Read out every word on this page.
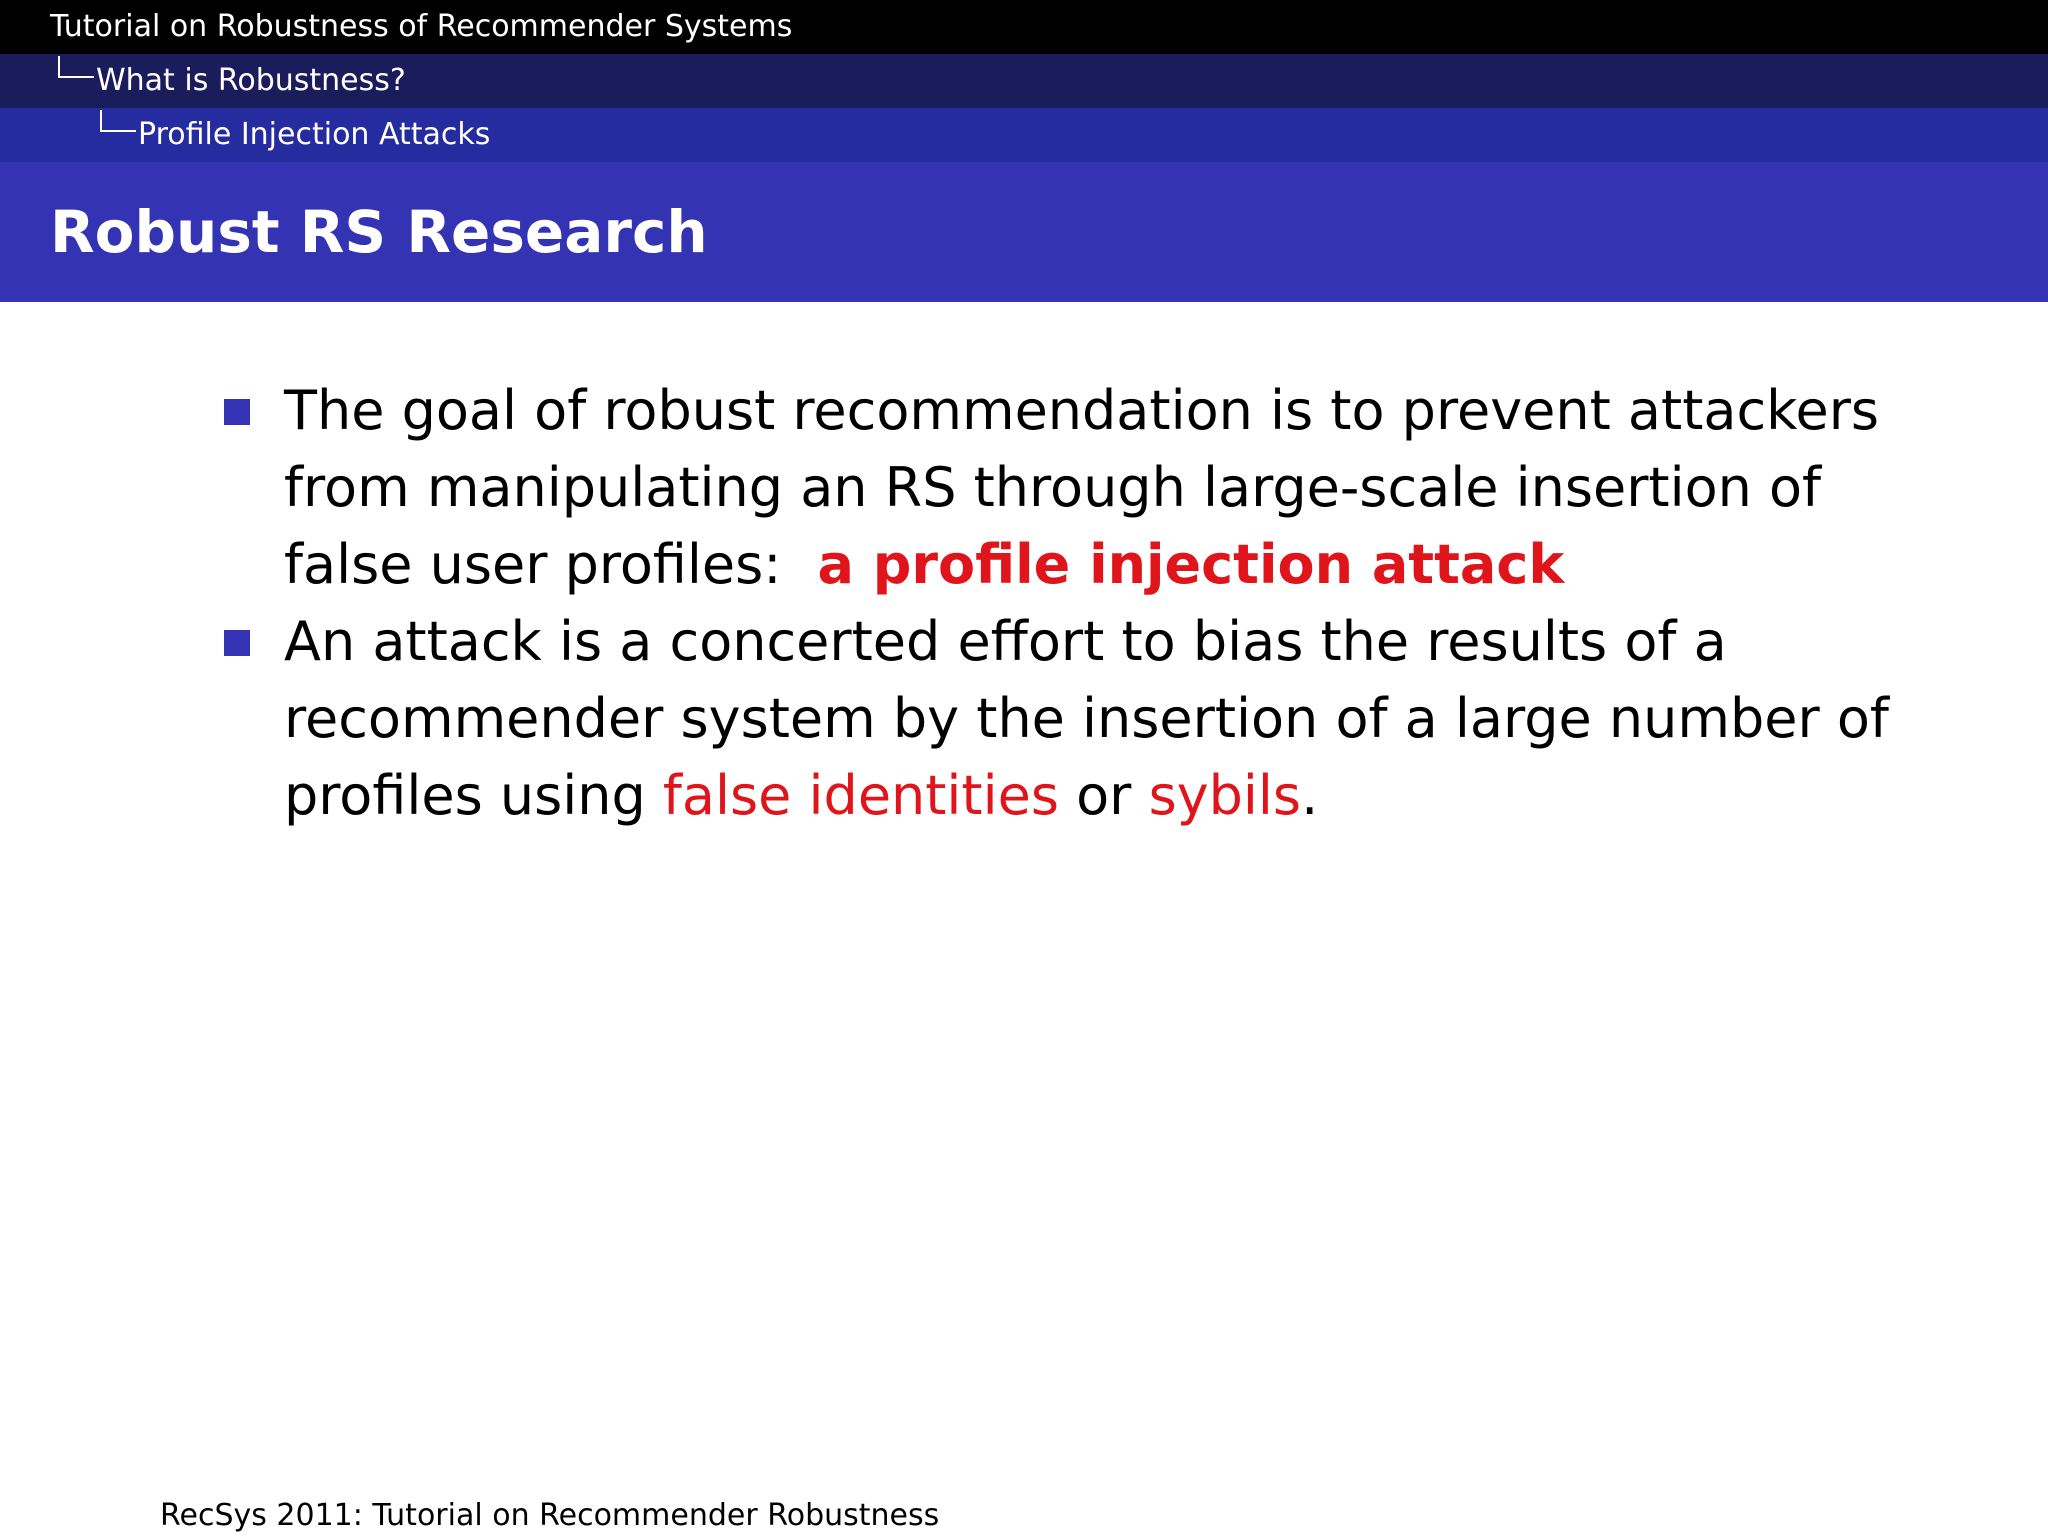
Tutorial on Robustness of Recommender Systems
What is Robustness?
Profile Injection Attacks
Robust RS Research
The goal of robust recommendation is to prevent attackers from manipulating an RS through large-scale insertion of false user profiles: a profile injection attack
An attack is a concerted effort to bias the results of a recommender system by the insertion of a large number of profiles using false identities or sybils.
RecSys 2011: Tutorial on Recommender Robustness
